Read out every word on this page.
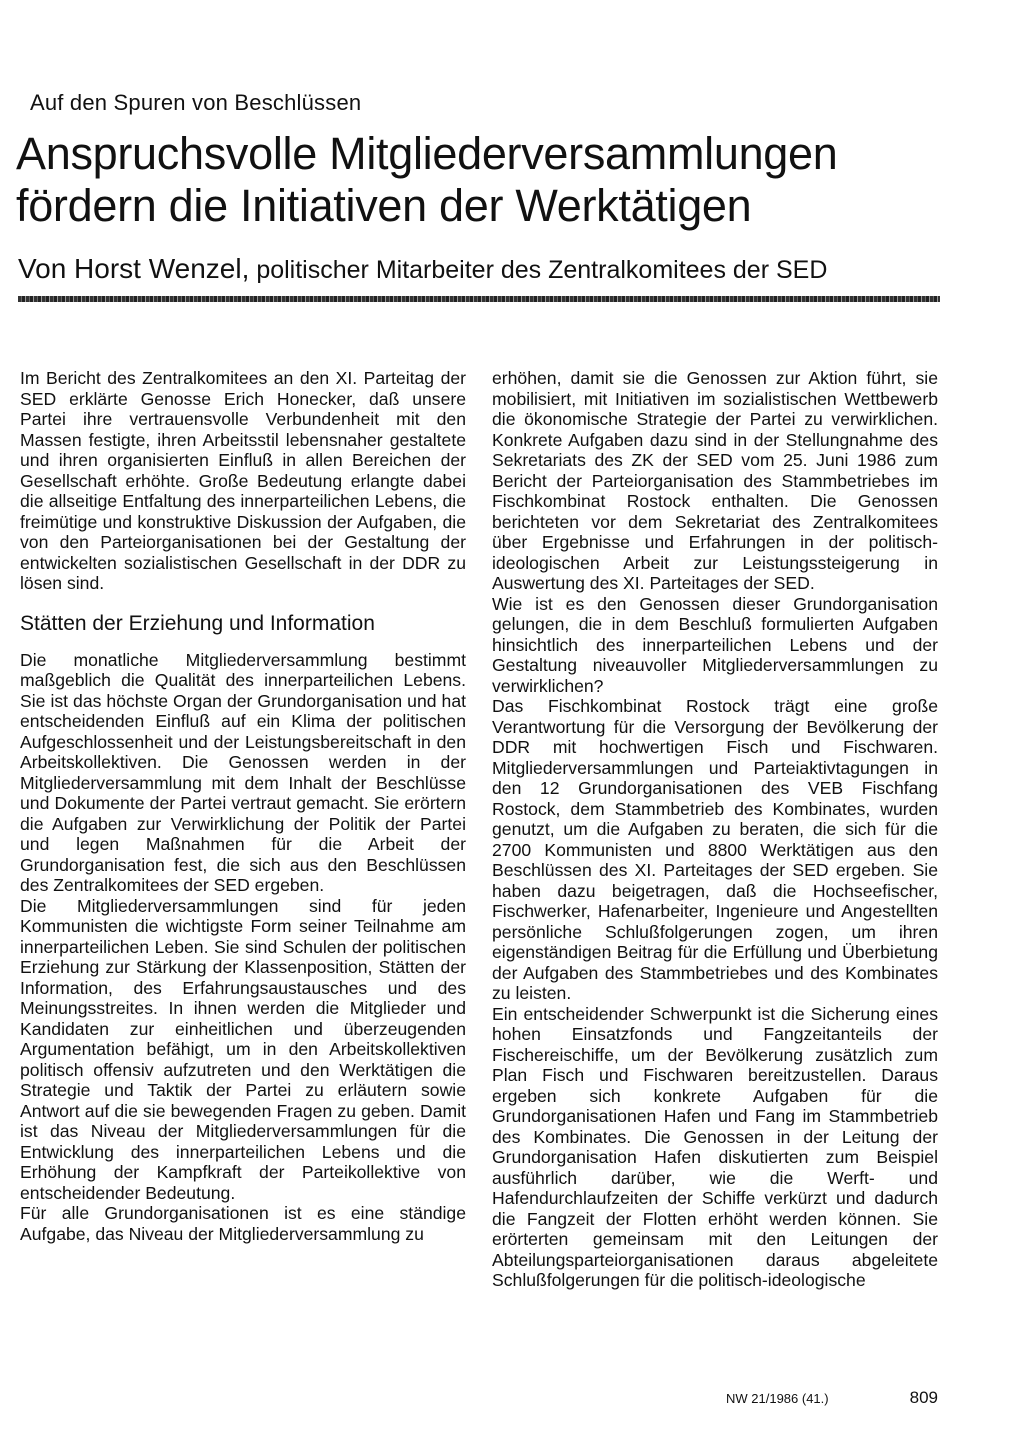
Auf den Spuren von Beschlüssen
Anspruchsvolle Mitgliederversammlungen
fördern die Initiativen der Werktätigen
Von Horst Wenzel, politischer Mitarbeiter des Zentralkomitees der SED

Im Bericht des Zentralkomitees an den XI. Parteitag der SED erklärte Genosse Erich Honecker, daß unsere Partei ihre vertrauensvolle Verbundenheit mit den Massen festigte, ihren Arbeitsstil lebensnaher gestaltete und ihren organisierten Einfluß in allen Bereichen der Gesellschaft erhöhte. Große Bedeutung erlangte dabei die allseitige Entfaltung des innerparteilichen Lebens, die freimütige und konstruktive Diskussion der Aufgaben, die von den Parteiorganisationen bei der Gestaltung der entwickelten sozialistischen Gesellschaft in der DDR zu lösen sind.

Stätten der Erziehung und Information

Die monatliche Mitgliederversammlung bestimmt maßgeblich die Qualität des innerparteilichen Lebens. Sie ist das höchste Organ der Grundorganisation und hat entscheidenden Einfluß auf ein Klima der politischen Aufgeschlossenheit und der Leistungsbereitschaft in den Arbeitskollektiven. Die Genossen werden in der Mitgliederversammlung mit dem Inhalt der Beschlüsse und Dokumente der Partei vertraut gemacht. Sie erörtern die Aufgaben zur Verwirklichung der Politik der Partei und legen Maßnahmen für die Arbeit der Grundorganisation fest, die sich aus den Beschlüssen des Zentralkomitees der SED ergeben.

Die Mitgliederversammlungen sind für jeden Kommunisten die wichtigste Form seiner Teilnahme am innerparteilichen Leben. Sie sind Schulen der politischen Erziehung zur Stärkung der Klassenposition, Stätten der Information, des Erfahrungsaustausches und des Meinungsstreites. In ihnen werden die Mitglieder und Kandidaten zur einheitlichen und überzeugenden Argumentation befähigt, um in den Arbeitskollektiven politisch offensiv aufzutreten und den Werktätigen die Strategie und Taktik der Partei zu erläutern sowie Antwort auf die sie bewegenden Fragen zu geben. Damit ist das Niveau der Mitgliederversammlungen für die Entwicklung des innerparteilichen Lebens und die Erhöhung der Kampfkraft der Parteikollektive von entscheidender Bedeutung.

Für alle Grundorganisationen ist es eine ständige Aufgabe, das Niveau der Mitgliederversammlung zu

erhöhen, damit sie die Genossen zur Aktion führt, sie mobilisiert, mit Initiativen im sozialistischen Wettbewerb die ökonomische Strategie der Partei zu verwirklichen. Konkrete Aufgaben dazu sind in der Stellungnahme des Sekretariats des ZK der SED vom 25. Juni 1986 zum Bericht der Parteiorganisation des Stammbetriebes im Fischkombinat Rostock enthalten. Die Genossen berichteten vor dem Sekretariat des Zentralkomitees über Ergebnisse und Erfahrungen in der politisch-ideologischen Arbeit zur Leistungssteigerung in Auswertung des XI. Parteitages der SED.

Wie ist es den Genossen dieser Grundorganisation gelungen, die in dem Beschluß formulierten Aufgaben hinsichtlich des innerparteilichen Lebens und der Gestaltung niveauvoller Mitgliederversammlungen zu verwirklichen?

Das Fischkombinat Rostock trägt eine große Verantwortung für die Versorgung der Bevölkerung der DDR mit hochwertigen Fisch und Fischwaren. Mitgliederversammlungen und Parteiaktivtagungen in den 12 Grundorganisationen des VEB Fischfang Rostock, dem Stammbetrieb des Kombinates, wurden genutzt, um die Aufgaben zu beraten, die sich für die 2700 Kommunisten und 8800 Werktätigen aus den Beschlüssen des XI. Parteitages der SED ergeben. Sie haben dazu beigetragen, daß die Hochseefischer, Fischwerker, Hafenarbeiter, Ingenieure und Angestellten persönliche Schlußfolgerungen zogen, um ihren eigenständigen Beitrag für die Erfüllung und Überbietung der Aufgaben des Stammbetriebes und des Kombinates zu leisten.

Ein entscheidender Schwerpunkt ist die Sicherung eines hohen Einsatzfonds und Fangzeitanteils der Fischereischiffe, um der Bevölkerung zusätzlich zum Plan Fisch und Fischwaren bereitzustellen. Daraus ergeben sich konkrete Aufgaben für die Grundorganisationen Hafen und Fang im Stammbetrieb des Kombinates. Die Genossen in der Leitung der Grundorganisation Hafen diskutierten zum Beispiel ausführlich darüber, wie die Werft- und Hafendurchlaufzeiten der Schiffe verkürzt und dadurch die Fangzeit der Flotten erhöht werden können. Sie erörterten gemeinsam mit den Leitungen der Abteilungsparteiorganisationen daraus abgeleitete Schlußfolgerungen für die politisch-ideologische

NW 21/1986 (41.)	809
